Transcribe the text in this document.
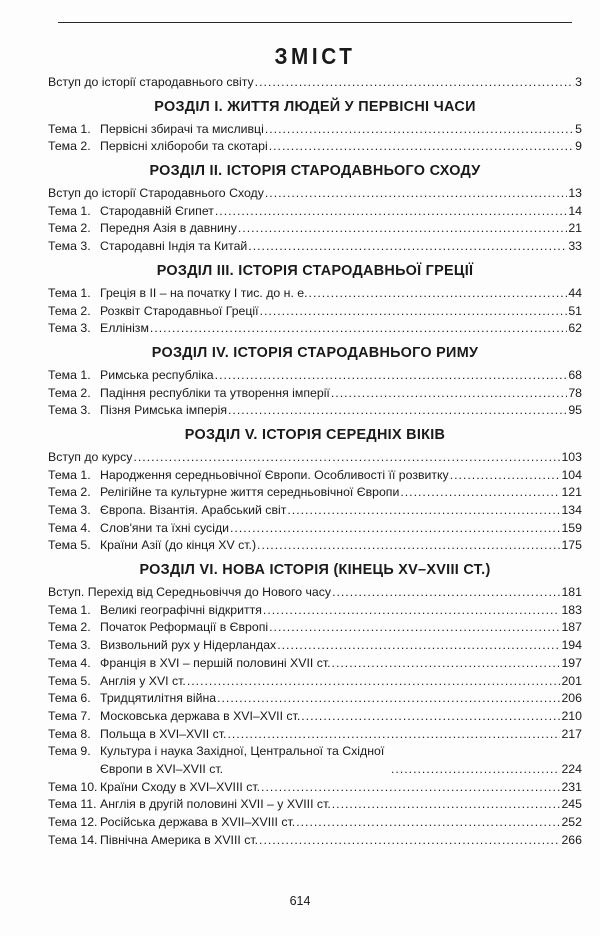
ЗМІСТ
Вступ до історії стародавнього світу .....	3
РОЗДІЛ І. ЖИТТЯ ЛЮДЕЙ У ПЕРВІСНІ ЧАСИ
Тема 1. Первісні збирачі та мисливці .....	5
Тема 2. Первісні хлібороби та скотарі .....	9
РОЗДІЛ ІІ. ІСТОРІЯ СТАРОДАВНЬОГО СХОДУ
Вступ до історії Стародавнього Сходу .....	13
Тема 1. Стародавній Єгипет .....	14
Тема 2. Передня Азія в давнину .....	21
Тема 3. Стародавні Індія та Китай .....	33
РОЗДІЛ ІІІ. ІСТОРІЯ СТАРОДАВНЬОЇ ГРЕЦІЇ
Тема 1. Греція в ІІ – на початку І тис. до н. е. .....	44
Тема 2. Розквіт Стародавньої Греції .....	51
Тема 3. Еллінізм .....	62
РОЗДІЛ IV. ІСТОРІЯ СТАРОДАВНЬОГО РИМУ
Тема 1. Римська республіка .....	68
Тема 2. Падіння республіки та утворення імперії .....	78
Тема 3. Пізня Римська імперія .....	95
РОЗДІЛ V. ІСТОРІЯ СЕРЕДНІХ ВІКІВ
Вступ до курсу .....	103
Тема 1. Народження середньовічної Європи. Особливості її розвитку .....	104
Тема 2. Релігійне та культурне життя середньовічної Європи .....	121
Тема 3. Європа. Візантія. Арабський світ .....	134
Тема 4. Слов'яни та їхні сусіди .....	159
Тема 5. Країни Азії (до кінця XV ст.) .....	175
РОЗДІЛ VI. НОВА ІСТОРІЯ (КІНЕЦЬ XV–XVIII СТ.)
Вступ. Перехід від Середньовіччя до Нового часу .....	181
Тема 1. Великі географічні відкриття .....	183
Тема 2. Початок Реформації в Європі .....	187
Тема 3. Визвольний рух у Нідерландах .....	194
Тема 4. Франція в XVI – першій половині XVII ст. .....	197
Тема 5. Англія у XVI ст. .....	201
Тема 6. Тридцятилітня війна .....	206
Тема 7. Московська держава в XVI–XVII ст. .....	210
Тема 8. Польща в XVI–XVII ст. .....	217
Тема 9. Культура і наука Західної, Центральної та Східної Європи в XVI–XVII ст. .....	224
Тема 10. Країни Сходу в XVI–XVIII ст. .....	231
Тема 11. Англія в другій половині XVII – у XVIII ст. .....	245
Тема 12. Російська держава в XVII–XVIII ст. .....	252
Тема 14. Північна Америка в XVIII ст. .....	266
614
